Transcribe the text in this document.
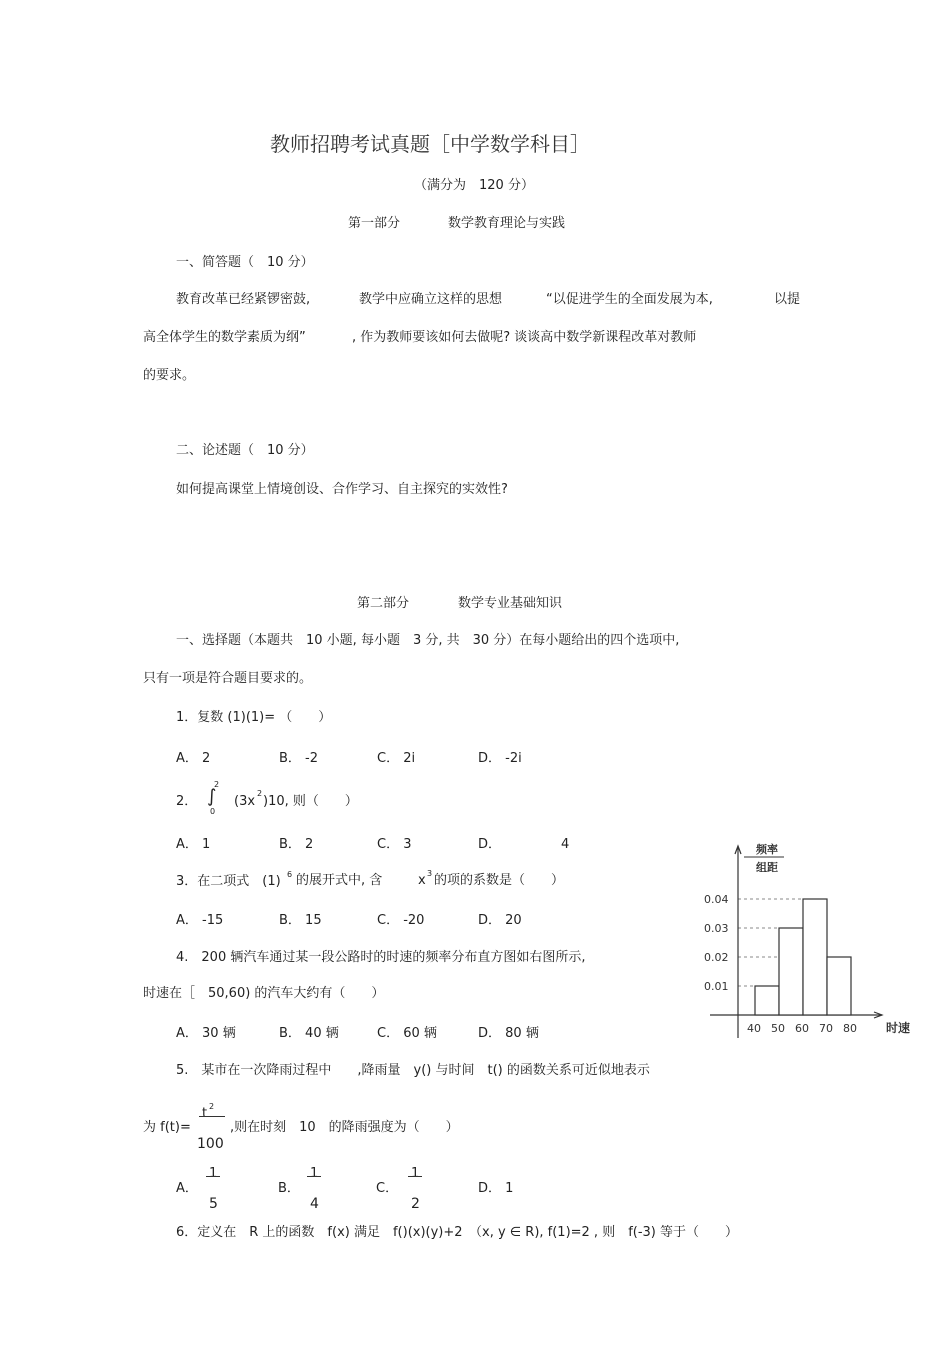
教师招聘考试真题［中学数学科目］
（满分为　120 分）
第一部分	数学教育理论与实践
一、简答题（　10 分）
教育改革已经紧锣密鼓,	教学中应确立这样的思想	“以促进学生的全面发展为本,	以提
高全体学生的数学素质为纲”	, 作为教师要该如何去做呢? 谈谈高中数学新课程改革对教师
的要求。
二、论述题（　10 分）
如何提高课堂上情境创设、合作学习、自主探究的实效性?
第二部分	数学专业基础知识
一、选择题（本题共　10 小题, 每小题　3 分, 共　30 分）在每小题给出的四个选项中,
只有一项是符合题目要求的。
1．复数 (1)(1)= （　　）
A． 2	B． -2	C． 2i	D． -2i
2．
2
∫
0
(3x
2
)10, 则（　　）
A． 1	B． 2	C． 3	D．	4
3．在二项式　(1) 6 的展开式中, 含	x 3 的项的系数是（　　）
A． -15	B． 15	C． -20	D． 20
4.　200 辆汽车通过某一段公路时的时速的频率分布直方图如右图所示,
时速在［　50,60) 的汽车大约有（　　）
A． 30 辆	B． 40 辆	C． 60 辆	D． 80 辆
5.　某市在一次降雨过程中　　,降雨量　y() 与时间　t() 的函数关系可近似地表示
为 f(t)=
t 2
100
,则在时刻　10　的降雨强度为（　　）
A．
1
5
B．
1
4
C．
1
2
D． 1
6．定义在　R 上的函数　f(x) 满足　f()(x)(y)+2　（x, y ∈ R), f(1)=2 , 则　f(-3) 等于（　　）
频率
组距
时速
0.01
0.02
0.03
0.04
40 50 60 70 80
